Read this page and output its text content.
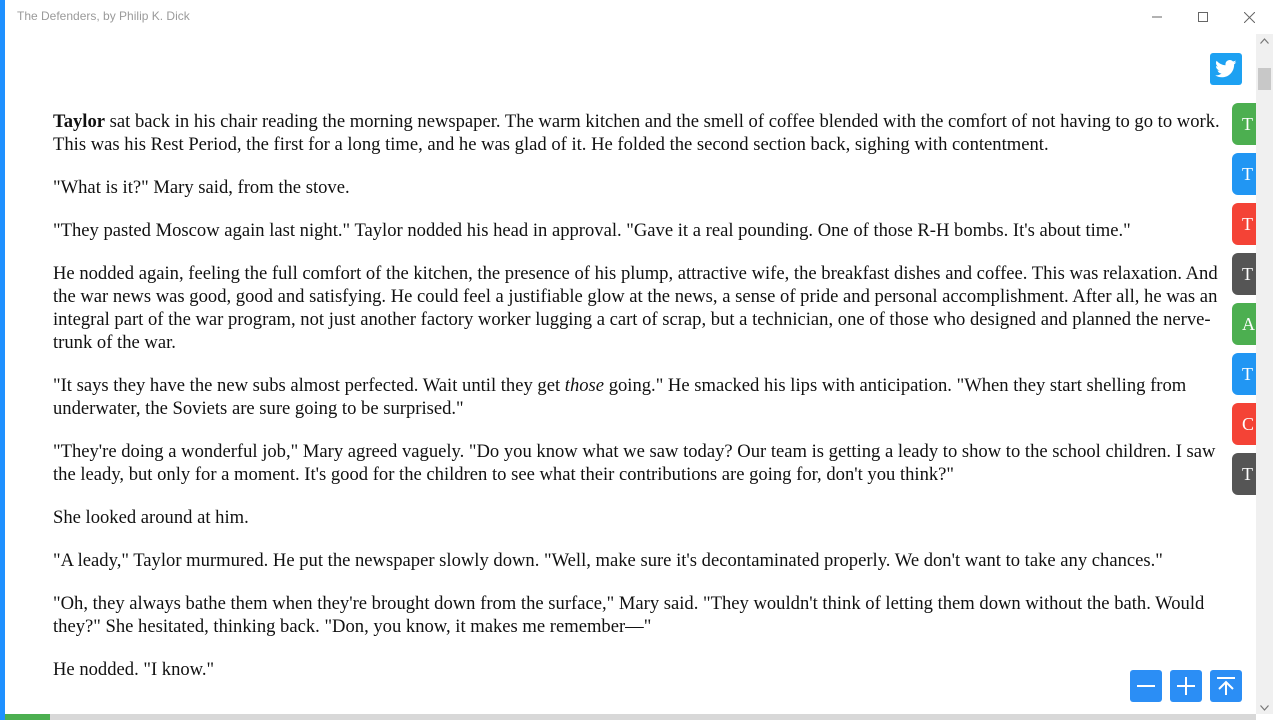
The Defenders, by Philip K. Dick

Taylor sat back in his chair reading the morning newspaper. The warm kitchen and the smell of coffee blended with the comfort of not having to go to work. This was his Rest Period, the first for a long time, and he was glad of it. He folded the second section back, sighing with contentment.

"What is it?" Mary said, from the stove.

"They pasted Moscow again last night." Taylor nodded his head in approval. "Gave it a real pounding. One of those R-H bombs. It's about time."

He nodded again, feeling the full comfort of the kitchen, the presence of his plump, attractive wife, the breakfast dishes and coffee. This was relaxation. And the war news was good, good and satisfying. He could feel a justifiable glow at the news, a sense of pride and personal accomplishment. After all, he was an integral part of the war program, not just another factory worker lugging a cart of scrap, but a technician, one of those who designed and planned the nerve-trunk of the war.

"It says they have the new subs almost perfected. Wait until they get those going." He smacked his lips with anticipation. "When they start shelling from underwater, the Soviets are sure going to be surprised."

"They're doing a wonderful job," Mary agreed vaguely. "Do you know what we saw today? Our team is getting a leady to show to the school children. I saw the leady, but only for a moment. It's good for the children to see what their contributions are going for, don't you think?"

She looked around at him.

"A leady," Taylor murmured. He put the newspaper slowly down. "Well, make sure it's decontaminated properly. We don't want to take any chances."

"Oh, they always bathe them when they're brought down from the surface," Mary said. "They wouldn't think of letting them down without the bath. Would they?" She hesitated, thinking back. "Don, you know, it makes me remember—"

He nodded. "I know."

T
T
T
T
A
T
C
T
